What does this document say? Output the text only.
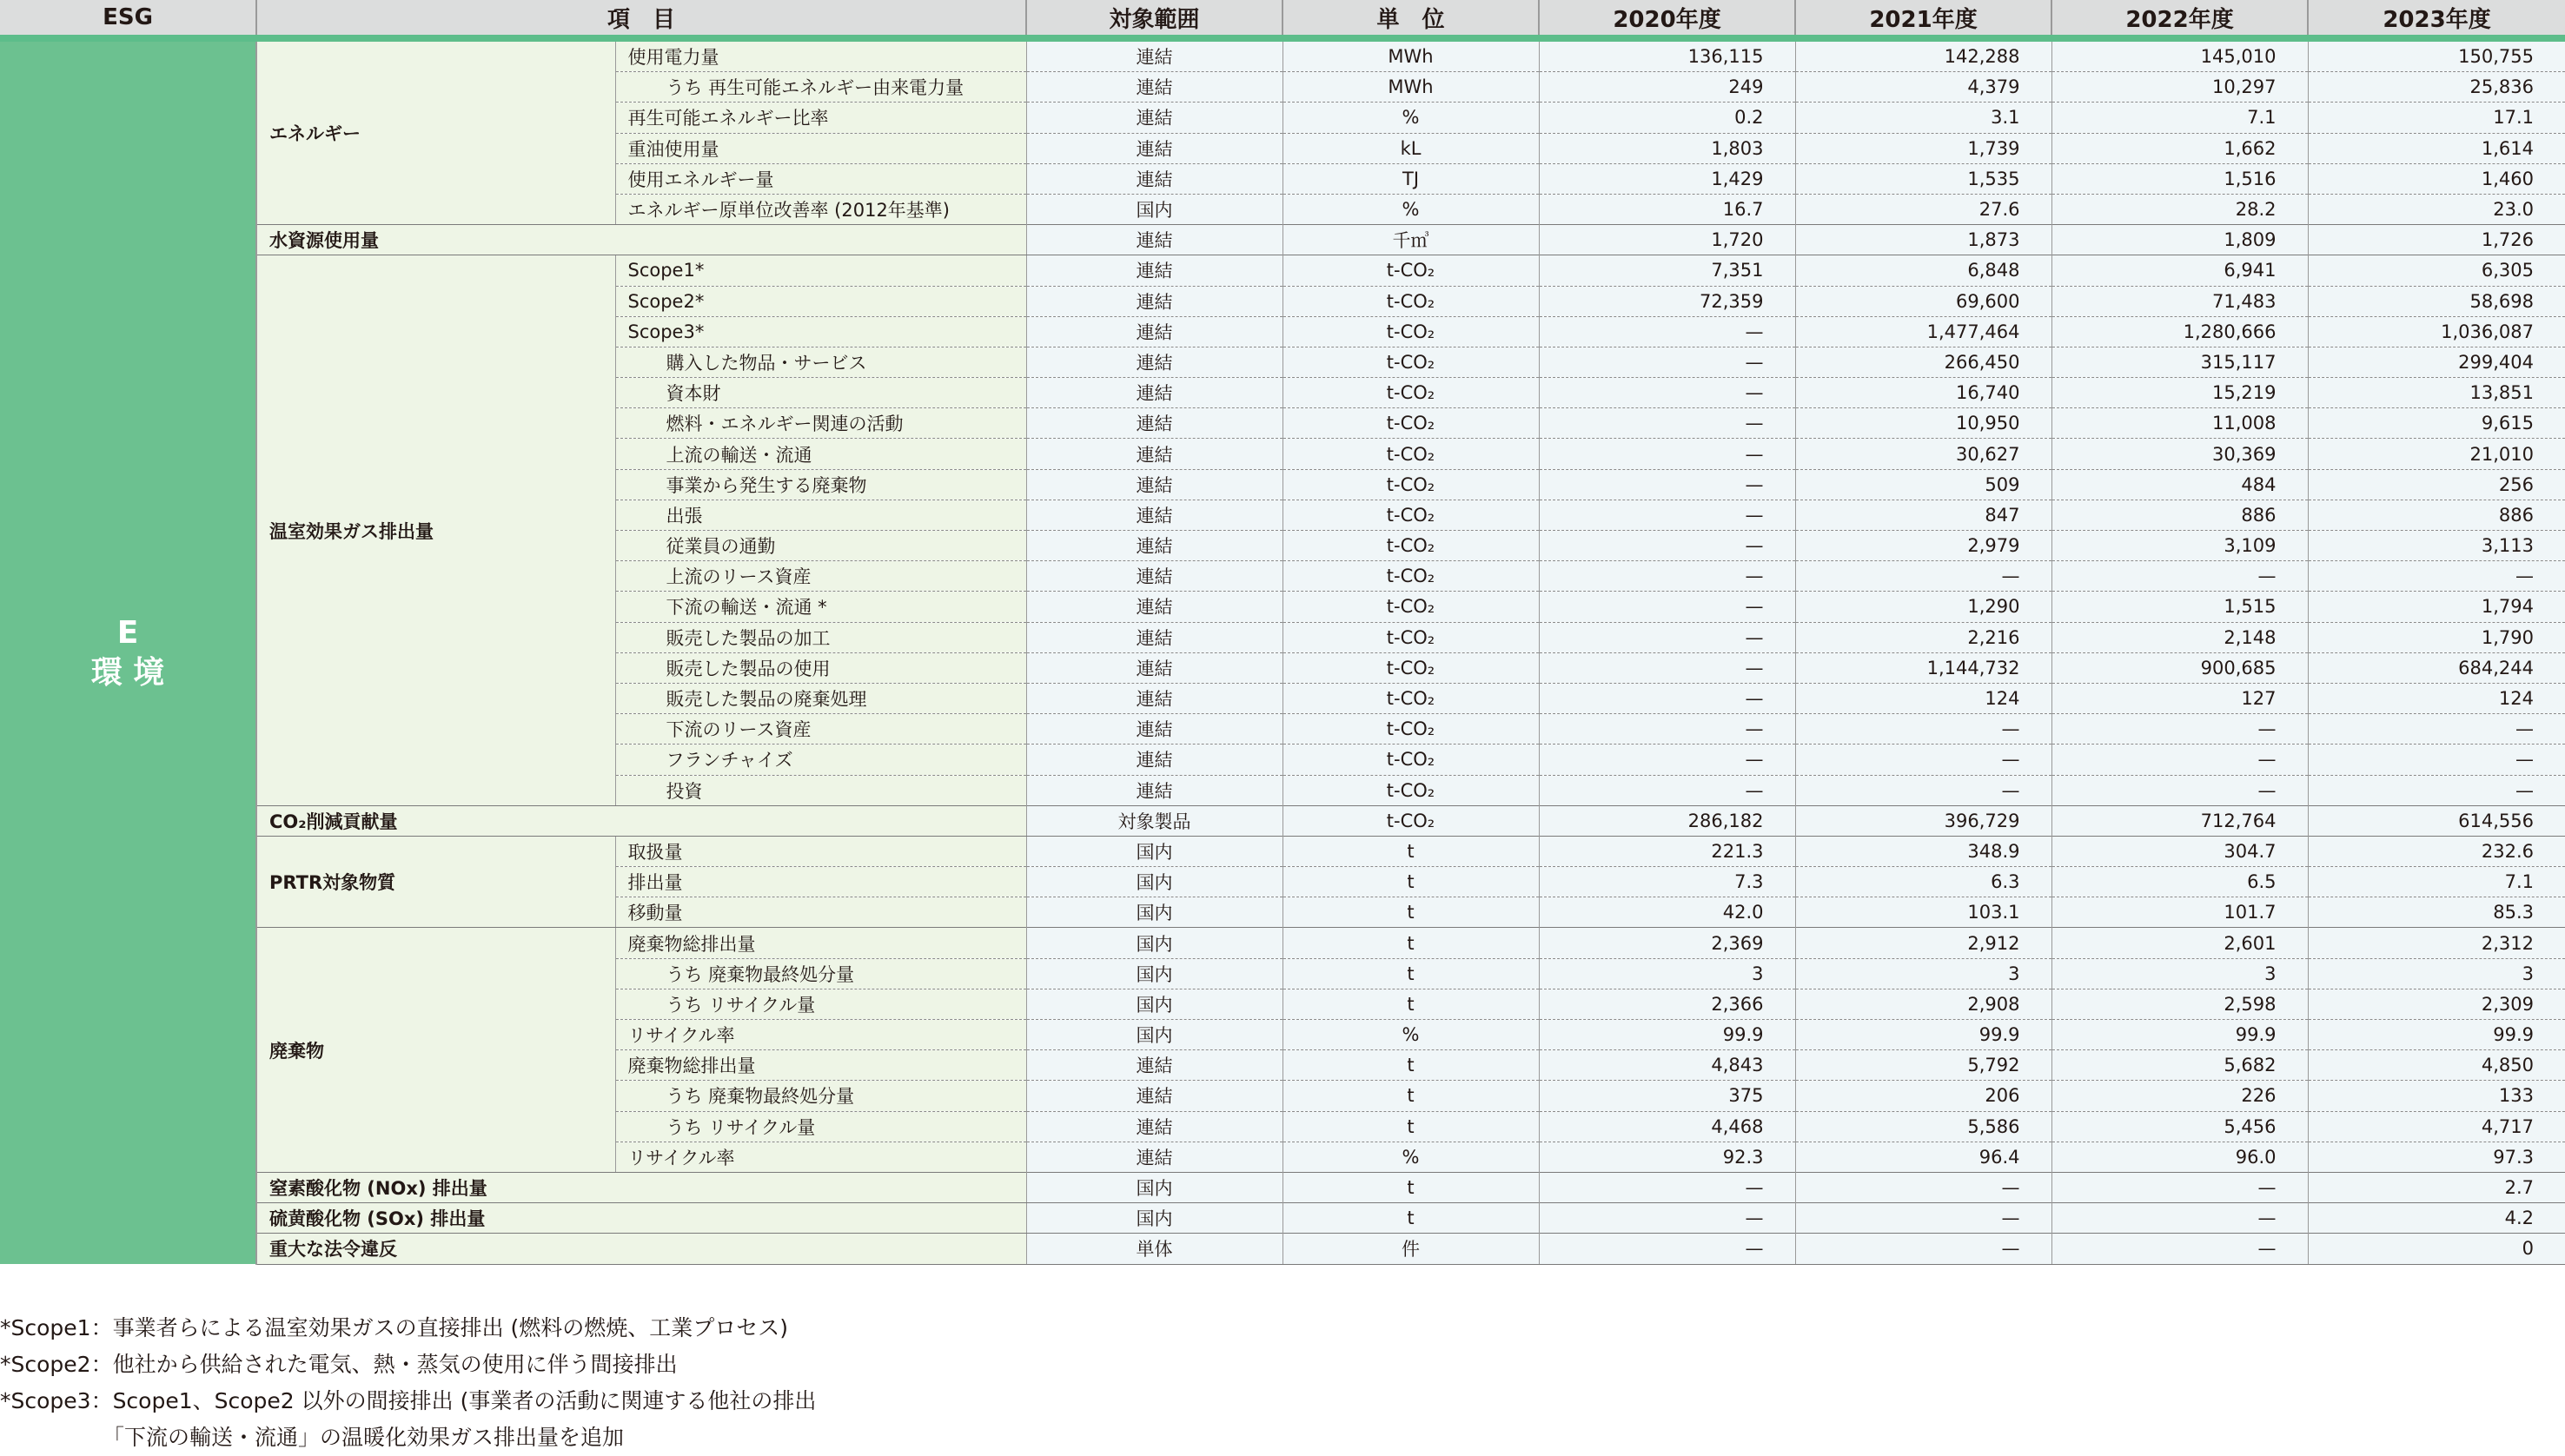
ESG	項　目		対象範囲	単　位	2020年度	2021年度	2022年度	2023年度

E
環 境	エネルギー	使用電力量	連結	MWh	136,115	142,288	145,010	150,755
		うち 再生可能エネルギー由来電力量	連結	MWh	249	4,379	10,297	25,836
		再生可能エネルギー比率	連結	%	0.2	3.1	7.1	17.1
		重油使用量	連結	kL	1,803	1,739	1,662	1,614
		使用エネルギー量	連結	TJ	1,429	1,535	1,516	1,460
		エネルギー原単位改善率 (2012年基準)	国内	%	16.7	27.6	28.2	23.0
	水資源使用量		連結	千㎥	1,720	1,873	1,809	1,726
	温室効果ガス排出量	Scope1*	連結	t-CO₂	7,351	6,848	6,941	6,305
		Scope2*	連結	t-CO₂	72,359	69,600	71,483	58,698
		Scope3*	連結	t-CO₂	—	1,477,464	1,280,666	1,036,087
		購入した物品・サービス	連結	t-CO₂	—	266,450	315,117	299,404
		資本財	連結	t-CO₂	—	16,740	15,219	13,851
		燃料・エネルギー関連の活動	連結	t-CO₂	—	10,950	11,008	9,615
		上流の輸送・流通	連結	t-CO₂	—	30,627	30,369	21,010
		事業から発生する廃棄物	連結	t-CO₂	—	509	484	256
		出張	連結	t-CO₂	—	847	886	886
		従業員の通勤	連結	t-CO₂	—	2,979	3,109	3,113
		上流のリース資産	連結	t-CO₂	—	—	—	—
		下流の輸送・流通 *	連結	t-CO₂	—	1,290	1,515	1,794
		販売した製品の加工	連結	t-CO₂	—	2,216	2,148	1,790
		販売した製品の使用	連結	t-CO₂	—	1,144,732	900,685	684,244
		販売した製品の廃棄処理	連結	t-CO₂	—	124	127	124
		下流のリース資産	連結	t-CO₂	—	—	—	—
		フランチャイズ	連結	t-CO₂	—	—	—	—
		投資	連結	t-CO₂	—	—	—	—
	CO₂削減貢献量		対象製品	t-CO₂	286,182	396,729	712,764	614,556
	PRTR対象物質	取扱量	国内	t	221.3	348.9	304.7	232.6
		排出量	国内	t	7.3	6.3	6.5	7.1
		移動量	国内	t	42.0	103.1	101.7	85.3
	廃棄物	廃棄物総排出量	国内	t	2,369	2,912	2,601	2,312
		うち 廃棄物最終処分量	国内	t	3	3	3	3
		うち リサイクル量	国内	t	2,366	2,908	2,598	2,309
		リサイクル率	国内	%	99.9	99.9	99.9	99.9
		廃棄物総排出量	連結	t	4,843	5,792	5,682	4,850
		うち 廃棄物最終処分量	連結	t	375	206	226	133
		うち リサイクル量	連結	t	4,468	5,586	5,456	4,717
		リサイクル率	連結	%	92.3	96.4	96.0	97.3
	窒素酸化物 (NOx) 排出量		国内	t	—	—	—	2.7
	硫黄酸化物 (SOx) 排出量		国内	t	—	—	—	4.2
	重大な法令違反		単体	件	—	—	—	0
*Scope1：事業者らによる温室効果ガスの直接排出 (燃料の燃焼、工業プロセス)
*Scope2：他社から供給された電気、熱・蒸気の使用に伴う間接排出
*Scope3：Scope1、Scope2 以外の間接排出 (事業者の活動に関連する他社の排出
「下流の輸送・流通」の温暖化効果ガス排出量を追加
